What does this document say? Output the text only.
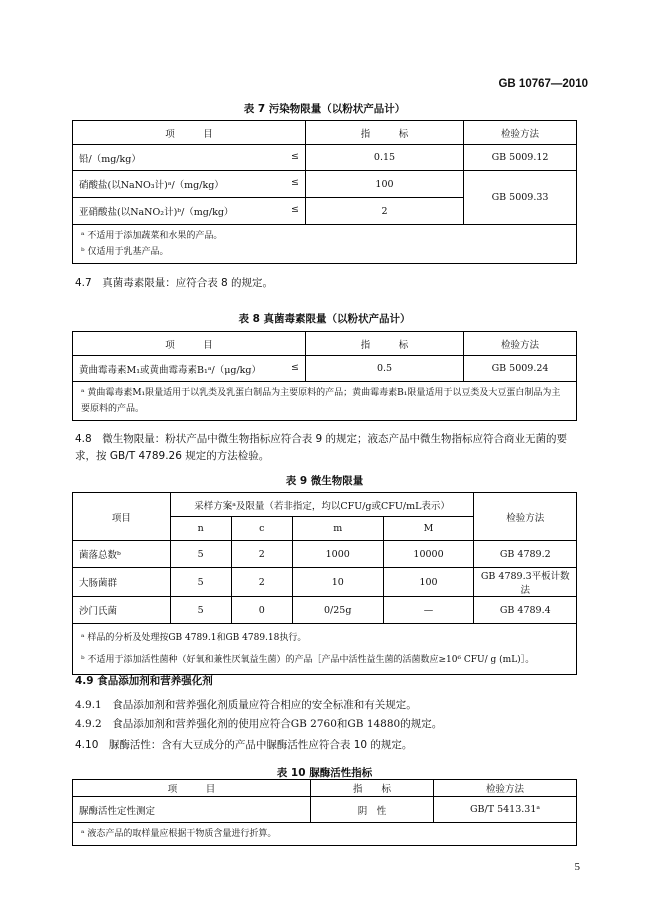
GB 10767—2010
表 7 污染物限量（以粉状产品计）
项　　　目	指　　　标	检验方法
铅/（mg/kg） ≤	0.15	GB 5009.12
硝酸盐(以NaNO₃计)ᵃ/（mg/kg） ≤	100	GB 5009.33
亚硝酸盐(以NaNO₂计)ᵇ/（mg/kg） ≤	2	

ᵃ 不适用于添加蔬菜和水果的产品。
ᵇ 仅适用于乳基产品。		
4.7　真菌毒素限量：应符合表 8 的规定。
表 8 真菌毒素限量（以粉状产品计）
项　　　目	指　　　标	检验方法
黄曲霉毒素M₁或黄曲霉毒素B₁ᵃ/（μg/kg） ≤	0.5	GB 5009.24

ᵃ 黄曲霉毒素M₁限量适用于以乳类及乳蛋白制品为主要原料的产品；黄曲霉毒素B₁限量适用于以豆类及大豆蛋白制品为主要原料的产品。		
4.8　微生物限量：粉状产品中微生物指标应符合表 9 的规定；液态产品中微生物指标应符合商业无菌的要求，按 GB/T 4789.26 规定的方法检验。
表 9 微生物限量
项目	采样方案ᵃ及限量（若非指定，均以CFU/g或CFU/mL表示）				检验方法
	n	c	m	M	
菌落总数ᵇ	5	2	1000	10000	GB 4789.2
大肠菌群	5	2	10	100	GB 4789.3平板计数法
沙门氏菌	5	0	0/25g	—	GB 4789.4

ᵃ 样品的分析及处理按GB 4789.1和GB 4789.18执行。
ᵇ 不适用于添加活性菌种（好氧和兼性厌氧益生菌）的产品［产品中活性益生菌的活菌数应≥10⁶ CFU/ g (mL)］。					
4.9 食品添加剂和营养强化剂
4.9.1　食品添加剂和营养强化剂质量应符合相应的安全标准和有关规定。
4.9.2　食品添加剂和营养强化剂的使用应符合GB 2760和GB 14880的规定。
4.10　脲酶活性：含有大豆成分的产品中脲酶活性应符合表 10 的规定。
表 10 脲酶活性指标
项　　　目	指　　标	检验方法
脲酶活性定性测定	阴　性	GB/T 5413.31ᵃ

ᵃ 液态产品的取样量应根据干物质含量进行折算。		
5
